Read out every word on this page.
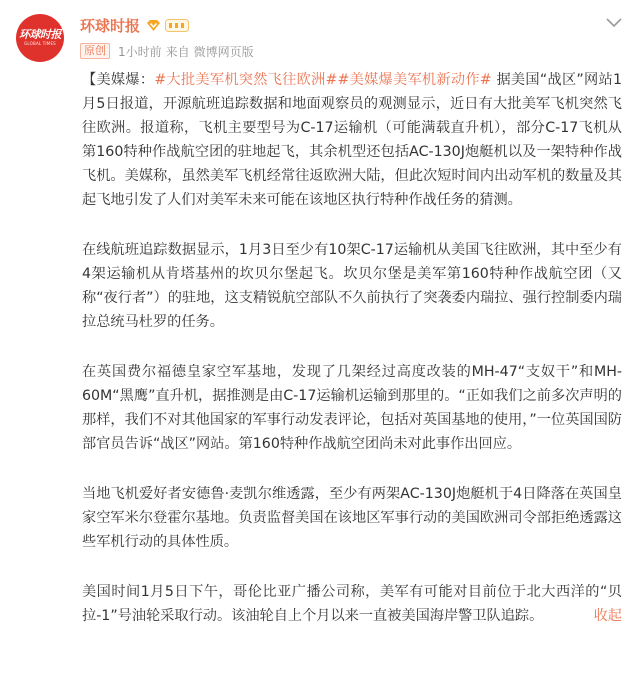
环球时报
GLOBAL TIMES
环球时报
原创	1小时前 来自 微博网页版

【美媒爆：#大批美军机突然飞往欧洲##美媒爆美军机新动作# 据美国“战区”网站1月5日报道，开源航班追踪数据和地面观察员的观测显示，近日有大批美军飞机突然飞往欧洲。报道称，飞机主要型号为C-17运输机（可能满载直升机），部分C-17飞机从第160特种作战航空团的驻地起飞，其余机型还包括AC-130J炮艇机以及一架特种作战飞机。美媒称，虽然美军飞机经常往返欧洲大陆，但此次短时间内出动军机的数量及其起飞地引发了人们对美军未来可能在该地区执行特种作战任务的猜测。

在线航班追踪数据显示，1月3日至少有10架C-17运输机从美国飞往欧洲，其中至少有4架运输机从肯塔基州的坎贝尔堡起飞。坎贝尔堡是美军第160特种作战航空团（又称“夜行者”）的驻地，这支精锐航空部队不久前执行了突袭委内瑞拉、强行控制委内瑞拉总统马杜罗的任务。

在英国费尔福德皇家空军基地，发现了几架经过高度改装的MH-47“支奴干”和MH-60M“黑鹰”直升机，据推测是由C-17运输机运输到那里的。“正如我们之前多次声明的那样，我们不对其他国家的军事行动发表评论，包括对英国基地的使用，”一位英国国防部官员告诉“战区”网站。第160特种作战航空团尚未对此事作出回应。

当地飞机爱好者安德鲁·麦凯尔维透露，至少有两架AC-130J炮艇机于4日降落在英国皇家空军米尔登霍尔基地。负责监督美国在该地区军事行动的美国欧洲司令部拒绝透露这些军机行动的具体性质。

美国时间1月5日下午，哥伦比亚广播公司称，美军有可能对目前位于北大西洋的“贝拉-1”号油轮采取行动。该油轮自上个月以来一直被美国海岸警卫队追踪。	收起
